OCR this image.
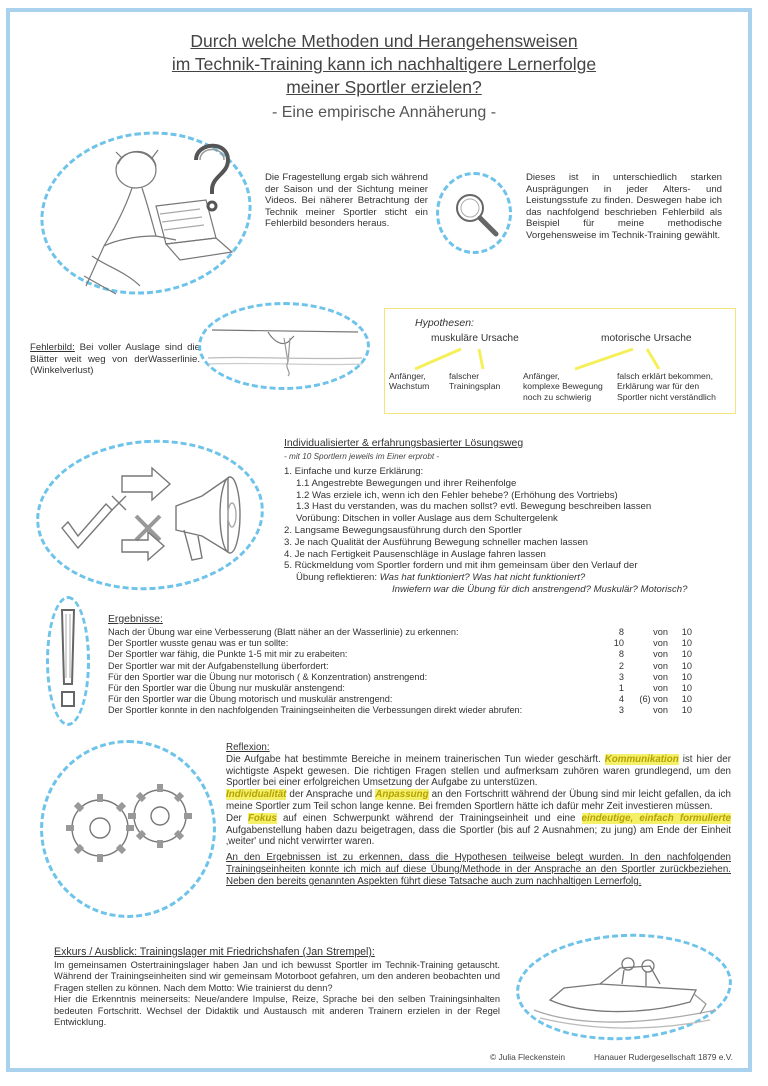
Durch welche Methoden und Herangehensweisen
im Technik-Training kann ich nachhaltigere Lernerfolge
meiner Sportler erzielen?
- Eine empirische Annäherung -
Die Fragestellung ergab sich während der Saison und der Sichtung meiner Videos. Bei näherer Betrachtung der Technik meiner Sportler sticht ein Fehlerbild besonders heraus.
Dieses ist in unterschiedlich starken Ausprägungen in jeder Alters- und Leistungsstufe zu finden. Deswegen habe ich das nachfolgend beschrieben Fehlerbild als Beispiel für meine methodische Vorgehensweise im Technik-Training gewählt.
Fehlerbild: Bei voller Auslage sind die Blätter weit weg von derWasserlinie.(Winkelverlust)
Hypothesen:
muskuläre Ursache	motorische Ursache
Anfänger,
Wachstum
falscher
Trainingsplan
Anfänger,
komplexe Bewegung
noch zu schwierig
falsch erklärt bekommen,
Erklärung war für den
Sportler nicht verständlich
Individualisierter & erfahrungsbasierter Lösungsweg
- mit 10 Sportlern jeweils im Einer erprobt -
1. Einfache und kurze Erklärung:
1.1 Angestrebte Bewegungen und ihrer Reihenfolge
1.2 Was erziele ich, wenn ich den Fehler behebe? (Erhöhung des Vortriebs)
1.3 Hast du verstanden, was du machen sollst? evtl. Bewegung beschreiben lassen
Vorübung: Ditschen in voller Auslage aus dem Schultergelenk
2. Langsame Bewegungsausführung durch den Sportler
3. Je nach Qualität der Ausführung Bewegung schneller machen lassen
4. Je nach Fertigkeit Pausenschläge in Auslage fahren lassen
5. Rückmeldung vom Sportler fordern und mit ihm gemeinsam über den Verlauf der
Übung reflektieren: Was hat funktioniert? Was hat nicht funktioniert?
Inwiefern war die Übung für dich anstrengend? Muskulär? Motorisch?
Ergebnisse:
Nach der Übung war eine Verbesserung (Blatt näher an der Wasserlinie) zu erkennen:	8	von	10
Der Sportler wusste genau was er tun sollte:	10	von	10
Der Sportler war fähig, die Punkte 1-5 mit mir zu erabeiten:	8	von	10
Der Sportler war mit der Aufgabenstellung überfordert:	2	von	10
Für den Sportler war die Übung nur motorisch ( & Konzentration) anstrengend:	3	von	10
Für den Sportler war die Übung nur muskulär anstengend:	1	von	10
Für den Sportler war die Übung motorisch und muskulär anstrengend:	4	(6) von	10
Der Sportler konnte in den nachfolgenden Trainingseinheiten die Verbessungen direkt wieder abrufen:	3	von	10
Reflexion:
Die Aufgabe hat bestimmte Bereiche in meinem trainerischen Tun wieder geschärft. Kommunikation ist hier der wichtigste Aspekt gewesen. Die richtigen Fragen stellen und aufmerksam zuhören waren grundlegend, um den Sportler bei einer erfolgreichen Umsetzung der Aufgabe zu unterstüzen.
Individualität der Ansprache und Anpassung an den Fortschritt während der Übung sind mir leicht gefallen, da ich meine Sportler zum Teil schon lange kenne. Bei fremden Sportlern hätte ich dafür mehr Zeit investieren müssen.
Der Fokus auf einen Schwerpunkt während der Trainingseinheit und eine eindeutige, einfach formulierte Aufgabenstellung haben dazu beigetragen, dass die Sportler (bis auf 2 Ausnahmen; zu jung) am Ende der Einheit ‚weiter' und nicht verwirrter waren.
An den Ergebnissen ist zu erkennen, dass die Hypothesen teilweise belegt wurden. In den nachfolgenden Trainingseinheiten konnte ich mich auf diese Übung/Methode in der Ansprache an den Sportler zurückbeziehen. Neben den bereits genannten Aspekten führt diese Tatsache auch zum nachhaltigen Lernerfolg.
Exkurs / Ausblick: Trainingslager mit Friedrichshafen (Jan Strempel):
Im gemeinsamen Ostertrainingslager haben Jan und ich bewusst Sportler im Technik-Training getauscht. Während der Trainingseinheiten sind wir gemeinsam Motorboot gefahren, um den anderen beobachten und Fragen stellen zu können. Nach dem Motto: Wie trainierst du denn?
Hier die Erkenntnis meinerseits: Neue/andere Impulse, Reize, Sprache bei den selben Trainingsinhalten bedeuten Fortschritt. Wechsel der Didaktik und Austausch mit anderen Trainern erzielen in der Regel Entwicklung.
© Julia Fleckenstein	Hanauer Rudergesellschaft 1879 e.V.
